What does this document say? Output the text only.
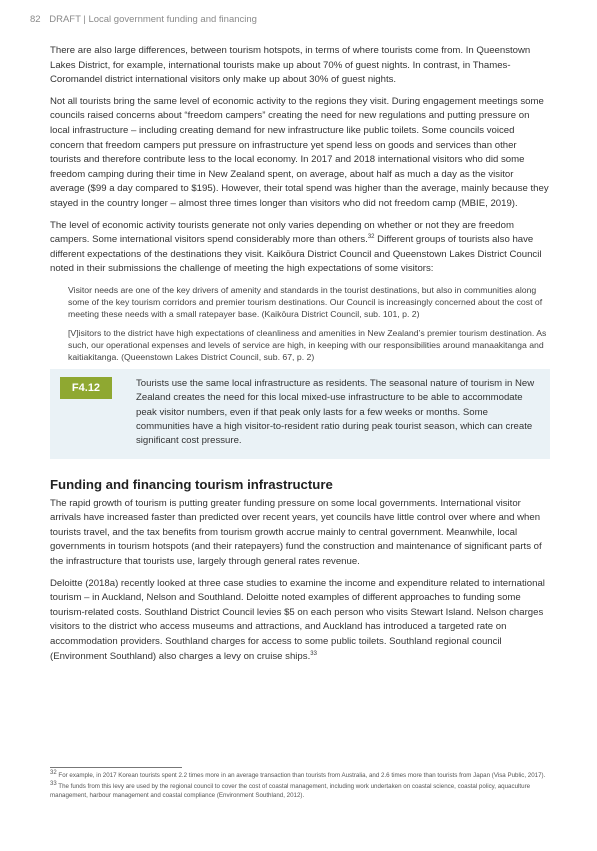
82 DRAFT | Local government funding and financing

There are also large differences, between tourism hotspots, in terms of where tourists come from. In Queenstown Lakes District, for example, international tourists make up about 70% of guest nights. In contrast, in Thames-Coromandel district international visitors only make up about 30% of guest nights.

Not all tourists bring the same level of economic activity to the regions they visit. During engagement meetings some councils raised concerns about “freedom campers” creating the need for new regulations and putting pressure on local infrastructure – including creating demand for new infrastructure like public toilets. Some councils voiced concern that freedom campers put pressure on infrastructure yet spend less on goods and services than other tourists and therefore contribute less to the local economy. In 2017 and 2018 international visitors who did some freedom camping during their time in New Zealand spent, on average, about half as much a day as the visitor average ($99 a day compared to $195). However, their total spend was higher than the average, mainly because they stayed in the country longer – almost three times longer than visitors who did not freedom camp (MBIE, 2019).

The level of economic activity tourists generate not only varies depending on whether or not they are freedom campers. Some international visitors spend considerably more than others.$^{32}$ Different groups of tourists also have different expectations of the destinations they visit. Kaikōura District Council and Queenstown Lakes District Council noted in their submissions the challenge of meeting the high expectations of some visitors:

Visitor needs are one of the key drivers of amenity and standards in the tourist destinations, but also in communities along some of the key tourism corridors and premier tourism destinations. Our Council is increasingly concerned about the cost of meeting these needs with a small ratepayer base. (Kaikōura District Council, sub. 101, p. 2)

[V]isitors to the district have high expectations of cleanliness and amenities in New Zealand’s premier tourism destination. As such, our operational expenses and levels of service are high, in keeping with our responsibilities around manaakitanga and kaitiakitanga. (Queenstown Lakes District Council, sub. 67, p. 2)

F4.12	Tourists use the same local infrastructure as residents. The seasonal nature of tourism in New Zealand creates the need for this local mixed-use infrastructure to be able to accommodate peak visitor numbers, even if that peak only lasts for a few weeks or months. Some communities have a high visitor-to-resident ratio during peak tourist season, which can create significant cost pressure.
Funding and financing tourism infrastructure

The rapid growth of tourism is putting greater funding pressure on some local governments. International visitor arrivals have increased faster than predicted over recent years, yet councils have little control over where and when tourists travel, and the tax benefits from tourism growth accrue mainly to central government. Meanwhile, local governments in tourism hotspots (and their ratepayers) fund the construction and maintenance of significant parts of the infrastructure that tourists use, largely through general rates revenue.

Deloitte (2018a) recently looked at three case studies to examine the income and expenditure related to international tourism – in Auckland, Nelson and Southland. Deloitte noted examples of different approaches to funding some tourism-related costs. Southland District Council levies $5 on each person who visits Stewart Island. Nelson charges visitors to the district who access museums and attractions, and Auckland has introduced a targeted rate on accommodation providers. Southland charges for access to some public toilets. Southland regional council (Environment Southland) also charges a levy on cruise ships.$^{33}$

$^{32}$ For example, in 2017 Korean tourists spent 2.2 times more in an average transaction than tourists from Australia, and 2.6 times more than tourists from Japan (Visa Public, 2017).

$^{33}$ The funds from this levy are used by the regional council to cover the cost of coastal management, including work undertaken on coastal science, coastal policy, aquaculture management, harbour management and coastal compliance (Environment Southland, 2012).
